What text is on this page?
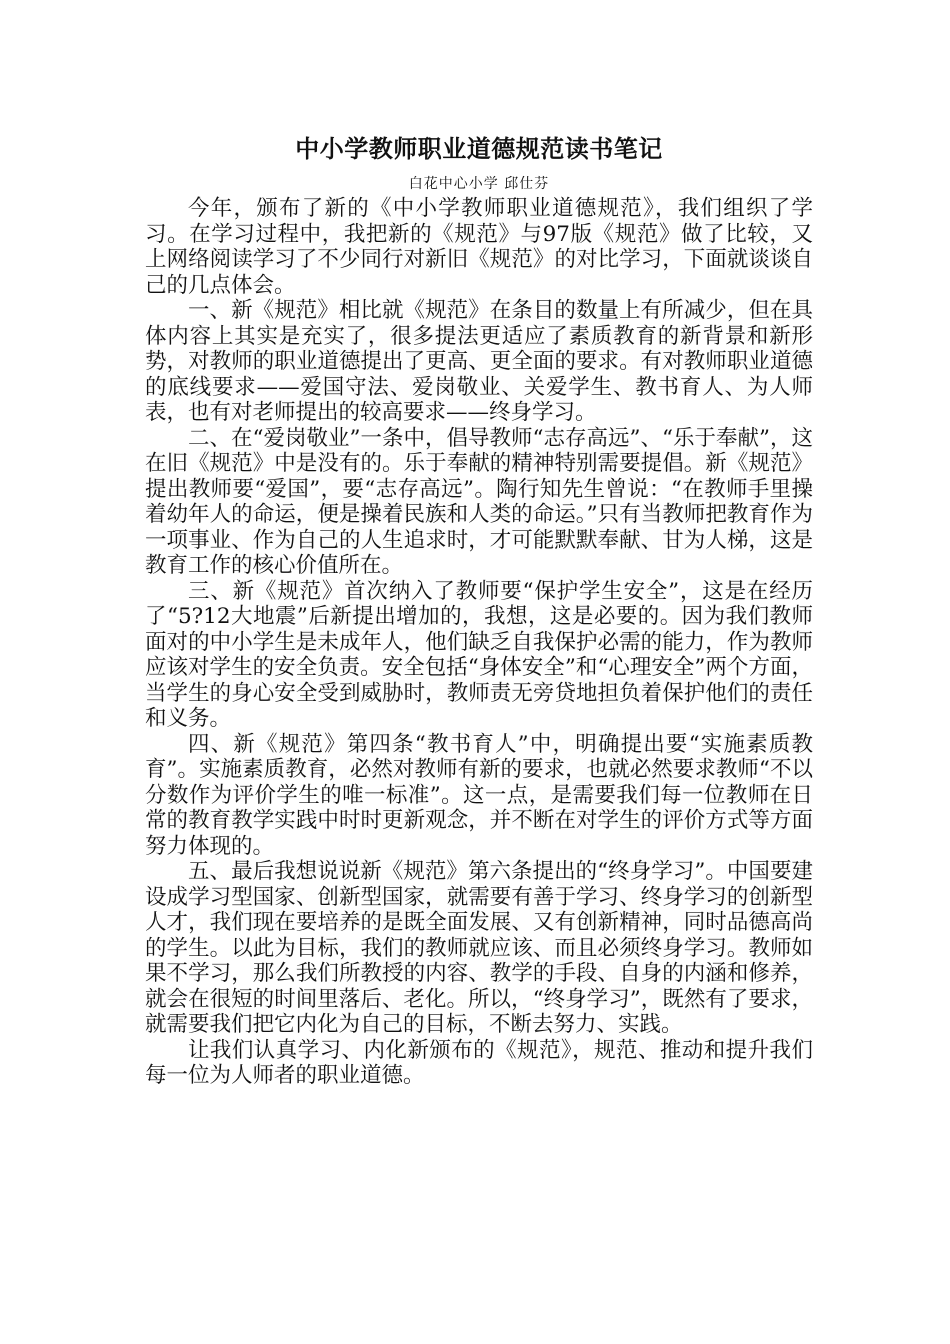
中小学教师职业道德规范读书笔记
白花中心小学 邱仕芬

今年，颁布了新的《中小学教师职业道德规范》，我们组织了学习。在学习过程中，我把新的《规范》与97版《规范》做了比较，又上网络阅读学习了不少同行对新旧《规范》的对比学习，下面就谈谈自己的几点体会。

一、新《规范》相比就《规范》在条目的数量上有所减少，但在具体内容上其实是充实了，很多提法更适应了素质教育的新背景和新形势，对教师的职业道德提出了更高、更全面的要求。有对教师职业道德的底线要求——爱国守法、爱岗敬业、关爱学生、教书育人、为人师表，也有对老师提出的较高要求——终身学习。

二、在“爱岗敬业”一条中，倡导教师“志存高远”、“乐于奉献”，这在旧《规范》中是没有的。乐于奉献的精神特别需要提倡。新《规范》提出教师要“爱国”，要“志存高远”。陶行知先生曾说：“在教师手里操着幼年人的命运，便是操着民族和人类的命运。”只有当教师把教育作为一项事业、作为自己的人生追求时，才可能默默奉献、甘为人梯，这是教育工作的核心价值所在。

三、新《规范》首次纳入了教师要“保护学生安全”，这是在经历了“5?12大地震”后新提出增加的，我想，这是必要的。因为我们教师面对的中小学生是未成年人，他们缺乏自我保护必需的能力，作为教师应该对学生的安全负责。安全包括“身体安全”和“心理安全”两个方面，当学生的身心安全受到威胁时，教师责无旁贷地担负着保护他们的责任和义务。

四、新《规范》第四条“教书育人”中，明确提出要“实施素质教育”。实施素质教育，必然对教师有新的要求，也就必然要求教师“不以分数作为评价学生的唯一标准”。这一点，是需要我们每一位教师在日常的教育教学实践中时时更新观念，并不断在对学生的评价方式等方面努力体现的。

五、最后我想说说新《规范》第六条提出的“终身学习”。中国要建设成学习型国家、创新型国家，就需要有善于学习、终身学习的创新型人才，我们现在要培养的是既全面发展、又有创新精神，同时品德高尚的学生。以此为目标，我们的教师就应该、而且必须终身学习。教师如果不学习，那么我们所教授的内容、教学的手段、自身的内涵和修养，就会在很短的时间里落后、老化。所以，“终身学习”，既然有了要求，就需要我们把它内化为自己的目标，不断去努力、实践。

让我们认真学习、内化新颁布的《规范》，规范、推动和提升我们每一位为人师者的职业道德。
